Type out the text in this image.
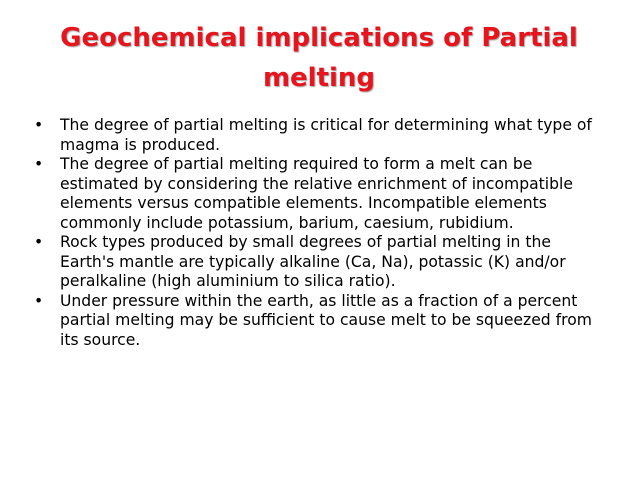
Geochemical implications of Partial melting
•	The degree of partial melting is critical for determining what type of magma is produced.
•	The degree of partial melting required to form a melt can be estimated by considering the relative enrichment of incompatible elements versus compatible elements. Incompatible elements commonly include potassium, barium, caesium, rubidium.
•	Rock types produced by small degrees of partial melting in the Earth's mantle are typically alkaline (Ca, Na), potassic (K) and/or peralkaline (high aluminium to silica ratio).
•	Under pressure within the earth, as little as a fraction of a percent partial melting may be sufficient to cause melt to be squeezed from its source.
